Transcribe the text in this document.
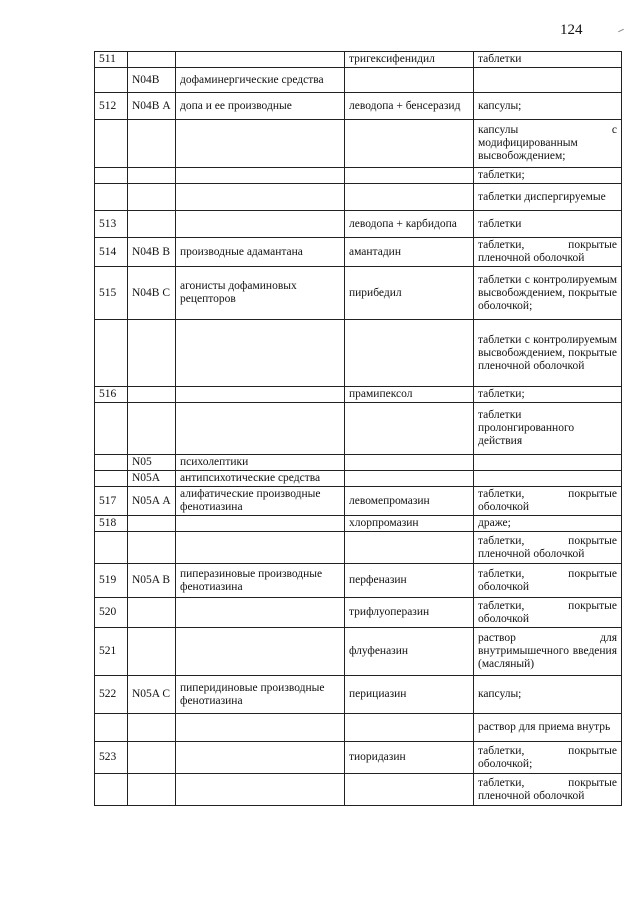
124
511			тригексифенидил	таблетки
	N04B	дофаминергические средства		
512	N04B А	допа и ее производные	леводопа + бенсеразид	капсулы;
				капсулы с модифицированным высвобождением;
				таблетки;
				таблетки диспергируемые
513			леводопа + карбидопа	таблетки
514	N04B В	производные адамантана	амантадин	таблетки, покрытые пленочной оболочкой
515	N04B С	агонисты дофаминовых рецепторов	пирибедил	таблетки с контролируемым высвобождением, покрытые оболочкой;
				таблетки с контролируемым высвобождением, покрытые пленочной оболочкой
516			прамипексол	таблетки;
				таблетки пролонгированного действия
	N05	психолептики		
	N05A	антипсихотические средства		
517	N05A А	алифатические производные фенотиазина	левомепромазин	таблетки, покрытые оболочкой
518			хлорпромазин	драже;
				таблетки, покрытые пленочной оболочкой
519	N05A В	пиперазиновые производные фенотиазина	перфеназин	таблетки, покрытые оболочкой
520			трифлуоперазин	таблетки, покрытые оболочкой
521			флуфеназин	раствор для внутримышечного введения (масляный)
522	N05A С	пиперидиновые производные фенотиазина	перициазин	капсулы;
				раствор для приема внутрь
523			тиоридазин	таблетки, покрытые оболочкой;
				таблетки, покрытые пленочной оболочкой
